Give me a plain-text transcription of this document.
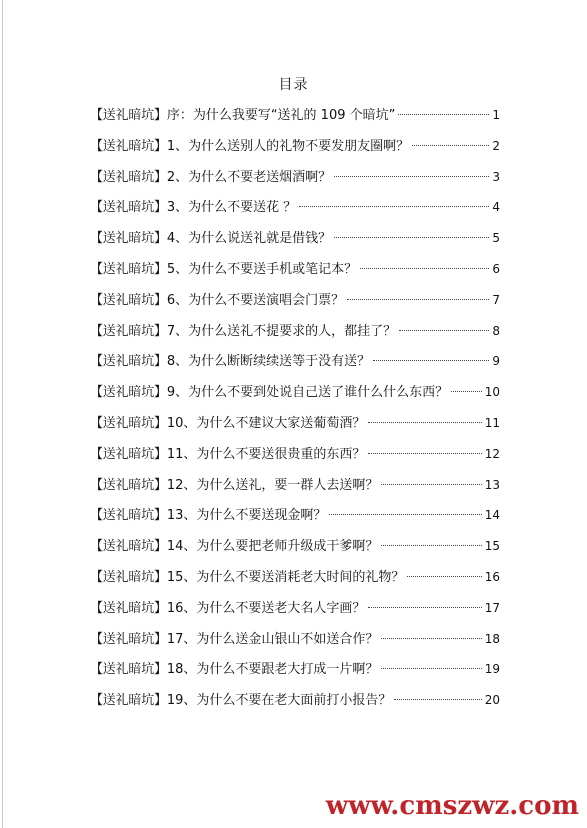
目录
【送礼暗坑】 序：为什么我要写“送礼的 109 个暗坑”	1
【送礼暗坑】 1、为什么送别人的礼物不要发朋友圈啊？	2
【送礼暗坑】 2、为什么不要老送烟酒啊？	3
【送礼暗坑】 3、为什么不要送花 ？	4
【送礼暗坑】 4、为什么说送礼就是借钱？	5
【送礼暗坑】 5、为什么不要送手机或笔记本？	6
【送礼暗坑】 6、为什么不要送演唱会门票？	7
【送礼暗坑】 7、为什么送礼不提要求的人，都挂了？	8
【送礼暗坑】 8、为什么断断续续送等于没有送？	9
【送礼暗坑】 9、为什么不要到处说自己送了谁什么什么东西？	10
【送礼暗坑】 10、为什么不建议大家送葡萄酒？	11
【送礼暗坑】 11、为什么不要送很贵重的东西？	12
【送礼暗坑】 12、为什么送礼，要一群人去送啊？	13
【送礼暗坑】 13、为什么不要送现金啊？	14
【送礼暗坑】 14、为什么要把老师升级成干爹啊？	15
【送礼暗坑】 15、为什么不要送消耗老大时间的礼物？	16
【送礼暗坑】 16、为什么不要送老大名人字画？	17
【送礼暗坑】 17、为什么送金山银山不如送合作？	18
【送礼暗坑】 18、为什么不要跟老大打成一片啊？	19
【送礼暗坑】 19、为什么不要在老大面前打小报告？	20
www.cmszwz.com
